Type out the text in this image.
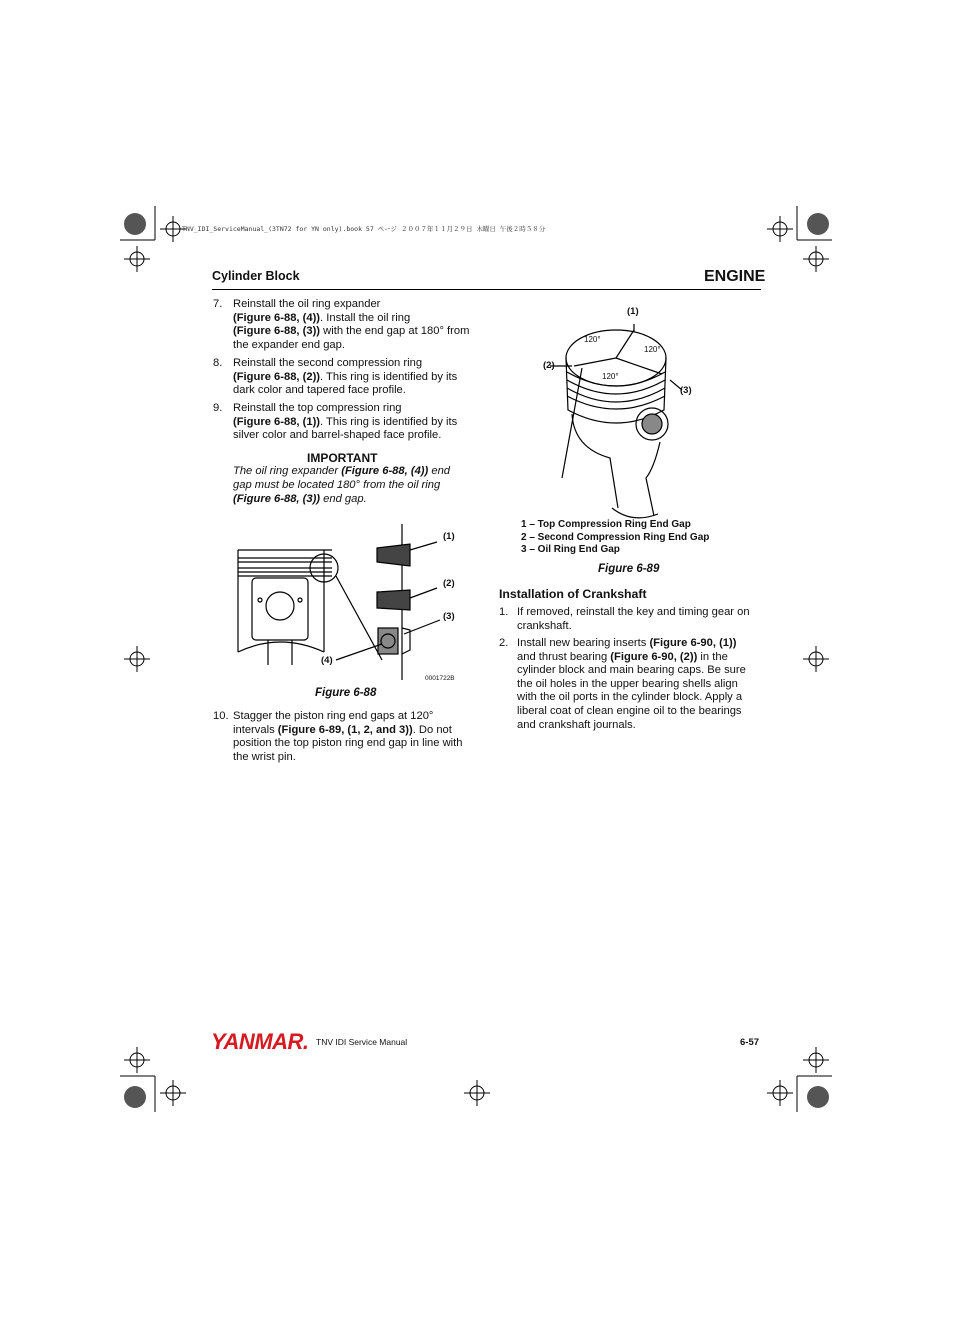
TNV_IDI_ServiceManual_(3TN72 for YN only).book 57 ページ ２００７年１１月２９日 木曜日 午後２時５８分
Cylinder Block	ENGINE
7. Reinstall the oil ring expander
(Figure 6-88, (4)). Install the oil ring
(Figure 6-88, (3)) with the end gap at 180° from
the expander end gap.
8. Reinstall the second compression ring
(Figure 6-88, (2)). This ring is identified by its
dark color and tapered face profile.
9. Reinstall the top compression ring
(Figure 6-88, (1)). This ring is identified by its
silver color and barrel-shaped face profile.
IMPORTANT
The oil ring expander (Figure 6-88, (4)) end
gap must be located 180° from the oil ring
(Figure 6-88, (3)) end gap.
(1)
(2)
(3)
(4)
0001722B
Figure 6-88
10. Stagger the piston ring end gaps at 120°
intervals (Figure 6-89, (1, 2, and 3)). Do not
position the top piston ring end gap in line with
the wrist pin.
(1)
(2)
(3)
120°
120°
120°
1 – Top Compression Ring End Gap
2 – Second Compression Ring End Gap
3 – Oil Ring End Gap
Figure 6-89
Installation of Crankshaft
1. If removed, reinstall the key and timing gear on
crankshaft.
2. Install new bearing inserts (Figure 6-90, (1))
and thrust bearing (Figure 6-90, (2)) in the
cylinder block and main bearing caps. Be sure
the oil holes in the upper bearing shells align
with the oil ports in the cylinder block. Apply a
liberal coat of clean engine oil to the bearings
and crankshaft journals.
YANMAR. TNV IDI Service Manual	6-57
